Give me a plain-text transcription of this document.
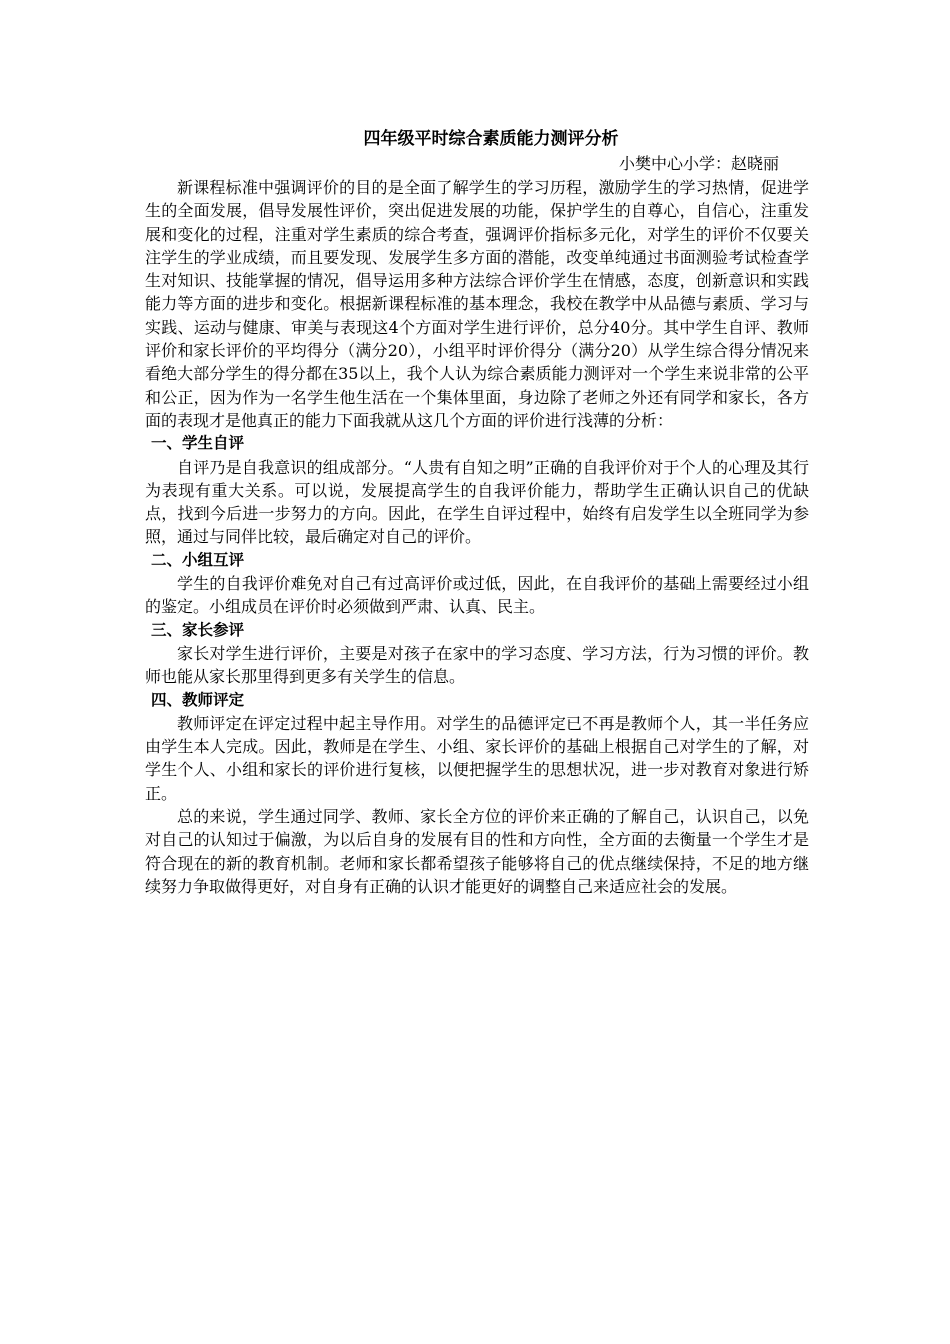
四年级平时综合素质能力测评分析
小樊中心小学：赵晓丽

新课程标准中强调评价的目的是全面了解学生的学习历程，激励学生的学习热情，促进学生的全面发展，倡导发展性评价，突出促进发展的功能，保护学生的自尊心，自信心，注重发展和变化的过程，注重对学生素质的综合考查，强调评价指标多元化，对学生的评价不仅要关注学生的学业成绩，而且要发现、发展学生多方面的潜能，改变单纯通过书面测验考试检查学生对知识、技能掌握的情况，倡导运用多种方法综合评价学生在情感，态度，创新意识和实践能力等方面的进步和变化。根据新课程标准的基本理念，我校在教学中从品德与素质、学习与实践、运动与健康、审美与表现这4个方面对学生进行评价，总分40分。其中学生自评、教师评价和家长评价的平均得分（满分20），小组平时评价得分（满分20）从学生综合得分情况来看绝大部分学生的得分都在35以上，我个人认为综合素质能力测评对一个学生来说非常的公平和公正，因为作为一名学生他生活在一个集体里面，身边除了老师之外还有同学和家长，各方面的表现才是他真正的能力下面我就从这几个方面的评价进行浅薄的分析：

一、学生自评

自评乃是自我意识的组成部分。“人贵有自知之明”正确的自我评价对于个人的心理及其行为表现有重大关系。可以说，发展提高学生的自我评价能力，帮助学生正确认识自己的优缺点，找到今后进一步努力的方向。因此，在学生自评过程中，始终有启发学生以全班同学为参照，通过与同伴比较，最后确定对自己的评价。

二、小组互评

学生的自我评价难免对自己有过高评价或过低，因此，在自我评价的基础上需要经过小组的鉴定。小组成员在评价时必须做到严肃、认真、民主。

三、家长参评

家长对学生进行评价，主要是对孩子在家中的学习态度、学习方法，行为习惯的评价。教师也能从家长那里得到更多有关学生的信息。

四、教师评定

教师评定在评定过程中起主导作用。对学生的品德评定已不再是教师个人，其一半任务应由学生本人完成。因此，教师是在学生、小组、家长评价的基础上根据自己对学生的了解，对学生个人、小组和家长的评价进行复核，以便把握学生的思想状况，进一步对教育对象进行矫正。

总的来说，学生通过同学、教师、家长全方位的评价来正确的了解自己，认识自己，以免对自己的认知过于偏激，为以后自身的发展有目的性和方向性，全方面的去衡量一个学生才是符合现在的新的教育机制。老师和家长都希望孩子能够将自己的优点继续保持，不足的地方继续努力争取做得更好，对自身有正确的认识才能更好的调整自己来适应社会的发展。
